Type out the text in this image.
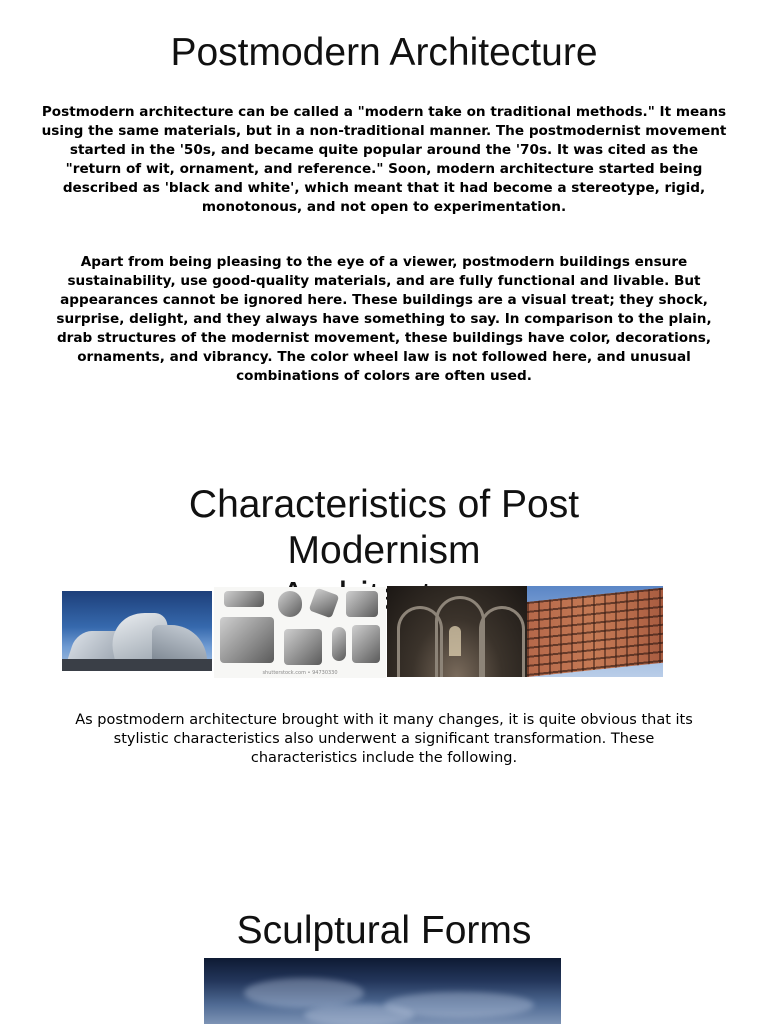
Postmodern Architecture

Postmodern architecture can be called a "modern take on traditional methods." It means using the same materials, but in a non-traditional manner. The postmodernist movement started in the '50s, and became quite popular around the '70s. It was cited as the "return of wit, ornament, and reference." Soon, modern architecture started being described as 'black and white', which meant that it had become a stereotype, rigid, monotonous, and not open to experimentation.

Apart from being pleasing to the eye of a viewer, postmodern buildings ensure sustainability, use good-quality materials, and are fully functional and livable. But appearances cannot be ignored here. These buildings are a visual treat; they shock, surprise, delight, and they always have something to say. In comparison to the plain, drab structures of the modernist movement, these buildings have color, decorations, ornaments, and vibrancy. The color wheel law is not followed here, and unusual combinations of colors are often used.

Characteristics of Post Modernism
shutterstock.com • 94730330

As postmodern architecture brought with it many changes, it is quite obvious that its stylistic characteristics also underwent a significant transformation. These characteristics include the following.

Sculptural Forms
